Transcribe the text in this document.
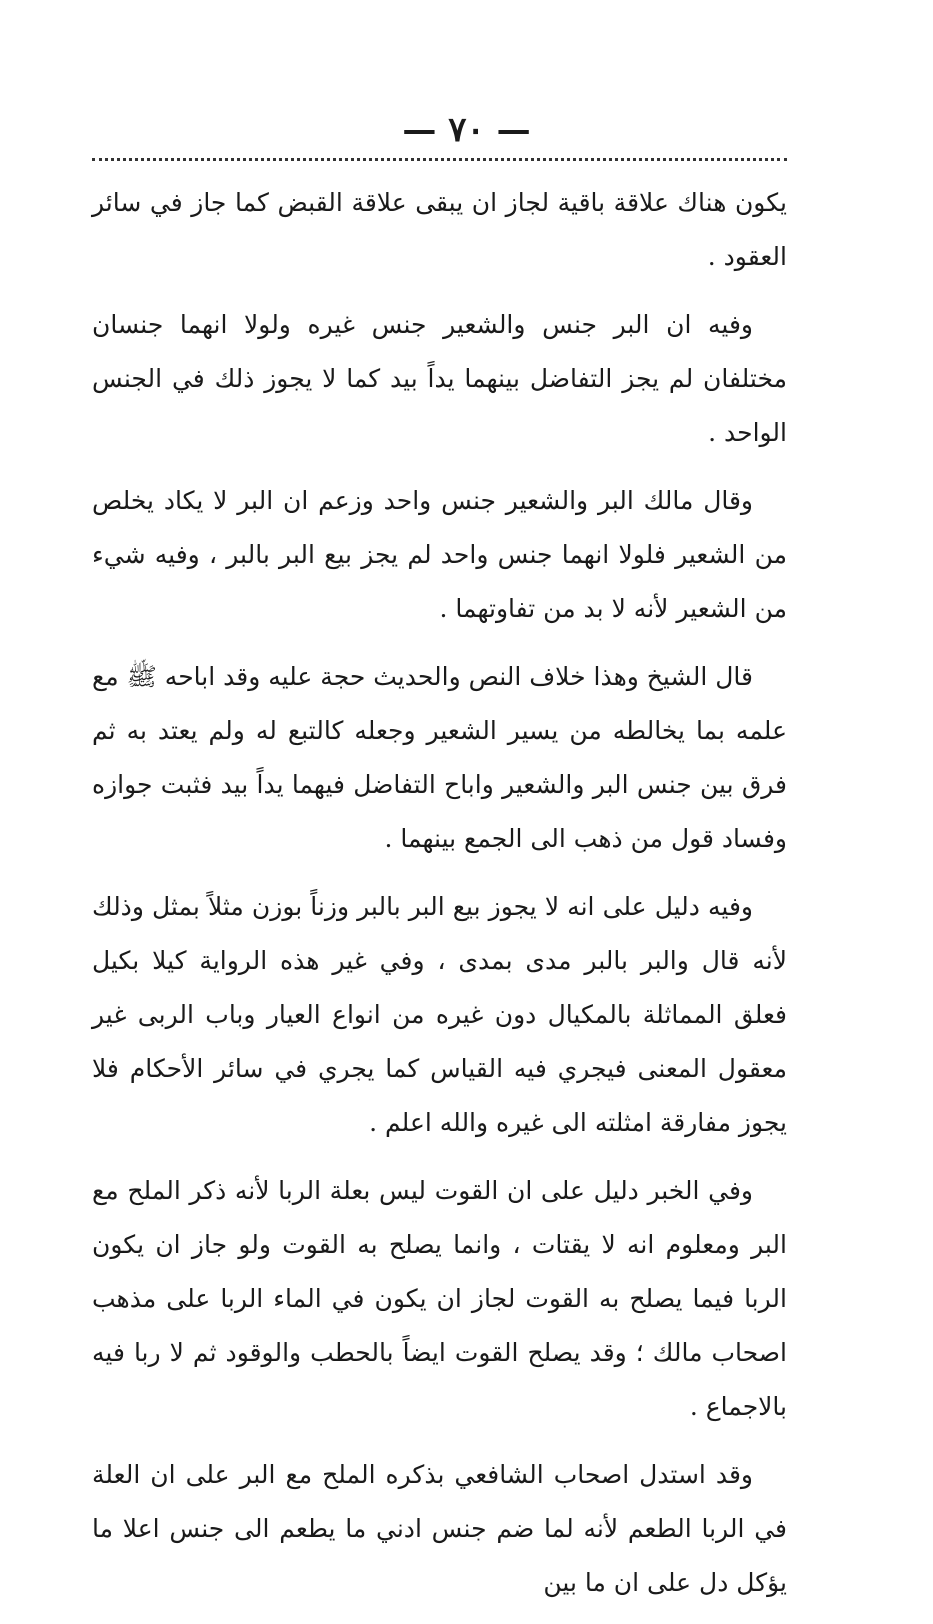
— ٧٠ —

يكون هناك علاقة باقية لجاز ان يبقى علاقة القبض كما جاز في سائر العقود .

وفيه ان البر جنس والشعير جنس غيره ولولا انهما جنسان مختلفان لم يجز التفاضل بينهما يداً بيد كما لا يجوز ذلك في الجنس الواحد .

وقال مالك البر والشعير جنس واحد وزعم ان البر لا يكاد يخلص من الشعير فلولا انهما جنس واحد لم يجز بيع البر بالبر ، وفيه شيء من الشعير لأنه لا بد من تفاوتهما .

قال الشيخ وهذا خلاف النص والحديث حجة عليه وقد اباحه ﷺ مع علمه بما يخالطه من يسير الشعير وجعله كالتبع له ولم يعتد به ثم فرق بين جنس البر والشعير واباح التفاضل فيهما يداً بيد فثبت جوازه وفساد قول من ذهب الى الجمع بينهما .

وفيه دليل على انه لا يجوز بيع البر بالبر وزناً بوزن مثلاً بمثل وذلك لأنه قال والبر بالبر مدى بمدى ، وفي غير هذه الرواية كيلا بكيل فعلق المماثلة بالمكيال دون غيره من انواع العيار وباب الربى غير معقول المعنى فيجري فيه القياس كما يجري في سائر الأحكام فلا يجوز مفارقة امثلته الى غيره والله اعلم .

وفي الخبر دليل على ان القوت ليس بعلة الربا لأنه ذكر الملح مع البر ومعلوم انه لا يقتات ، وانما يصلح به القوت ولو جاز ان يكون الربا فيما يصلح به القوت لجاز ان يكون في الماء الربا على مذهب اصحاب مالك ؛ وقد يصلح القوت ايضاً بالحطب والوقود ثم لا ربا فيه بالاجماع .

وقد استدل اصحاب الشافعي بذكره الملح مع البر على ان العلة في الربا الطعم لأنه لما ضم جنس ادني ما يطعم الى جنس اعلا ما يؤكل دل على ان ما بين
